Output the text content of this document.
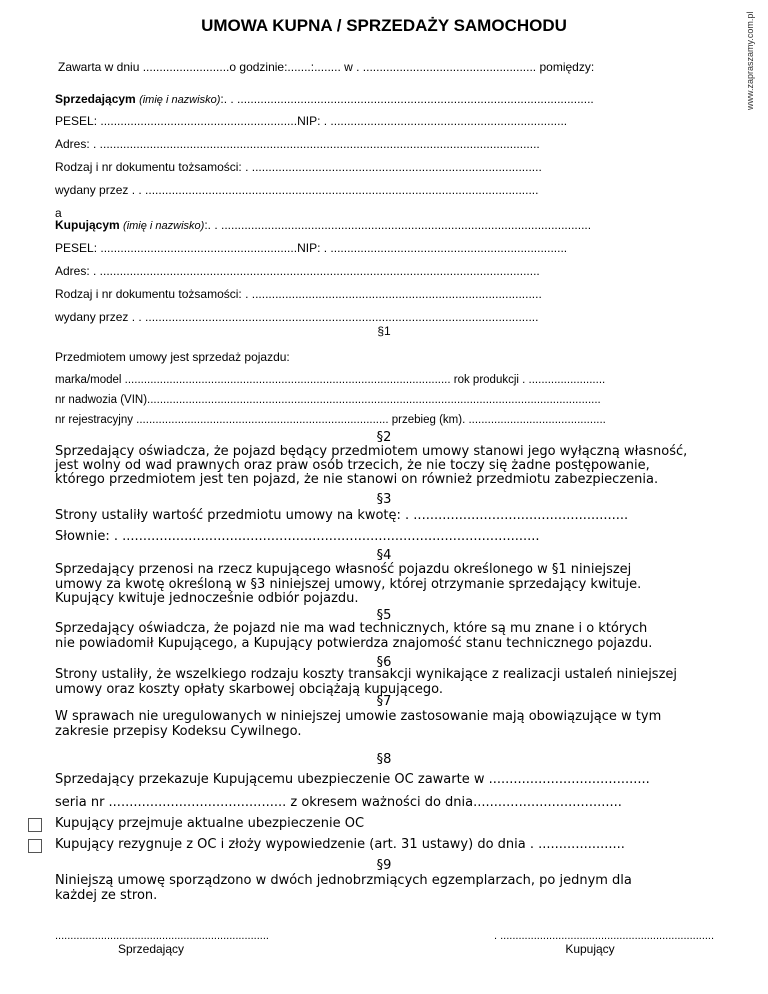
www.zapraszamy.com.pl
UMOWA KUPNA / SPRZEDAŻY SAMOCHODU
Zawarta w dniu ..........................o godzinie:.......:........ w . .................................................... pomiędzy:
Sprzedającym (imię i nazwisko):. . ...........................................................................................................
PESEL: ...........................................................NIP: . .......................................................................
Adres: . ....................................................................................................................................
Rodzaj i nr dokumentu tożsamości: . .......................................................................................
wydany przez . . ......................................................................................................................
a
Kupującym (imię i nazwisko):. . ...............................................................................................................
PESEL: ...........................................................NIP: . .......................................................................
Adres: . ....................................................................................................................................
Rodzaj i nr dokumentu tożsamości: . .......................................................................................
wydany przez . . ......................................................................................................................
§1
Przedmiotem umowy jest sprzedaż pojazdu:
marka/model ...................................................................................................... rok produkcji . ........................
nr nadwozia (VIN)..............................................................................................................................................
nr rejestracyjny ............................................................................... przebieg (km). ...........................................
§2
Sprzedający oświadcza, że pojazd będący przedmiotem umowy stanowi jego wyłączną własność,
jest wolny od wad prawnych oraz praw osób trzecich, że nie toczy się żadne postępowanie,
którego przedmiotem jest ten pojazd, że nie stanowi on również przedmiotu zabezpieczenia.
§3
Strony ustaliły wartość przedmiotu umowy na kwotę: . ....................................................
Słownie: . .....................................................................................................
§4
Sprzedający przenosi na rzecz kupującego własność pojazdu określonego w §1 niniejszej
umowy za kwotę określoną w §3 niniejszej umowy, której otrzymanie sprzedający kwituje.
Kupujący kwituje jednocześnie odbiór pojazdu.
§5
Sprzedający oświadcza, że pojazd nie ma wad technicznych, które są mu znane i o których
nie powiadomił Kupującego, a Kupujący potwierdza znajomość stanu technicznego pojazdu.
§6
Strony ustaliły, że wszelkiego rodzaju koszty transakcji wynikające z realizacji ustaleń niniejszej
umowy oraz koszty opłaty skarbowej obciążają kupującego.
§7
W sprawach nie uregulowanych w niniejszej umowie zastosowanie mają obowiązujące w tym
zakresie przepisy Kodeksu Cywilnego.
§8
Sprzedający przekazuje Kupującemu ubezpieczenie OC zawarte w .......................................
seria nr ........................................... z okresem ważności do dnia....................................
Kupujący przejmuje aktualne ubezpieczenie OC
Kupujący rezygnuje z OC i złoży wypowiedzenie (art. 31 ustawy) do dnia . .....................
§9
Niniejszą umowę sporządzono w dwóch jednobrzmiących egzemplarzach, po jednym dla
każdej ze stron.
......................................................................
Sprzedający
. ......................................................................
Kupujący
